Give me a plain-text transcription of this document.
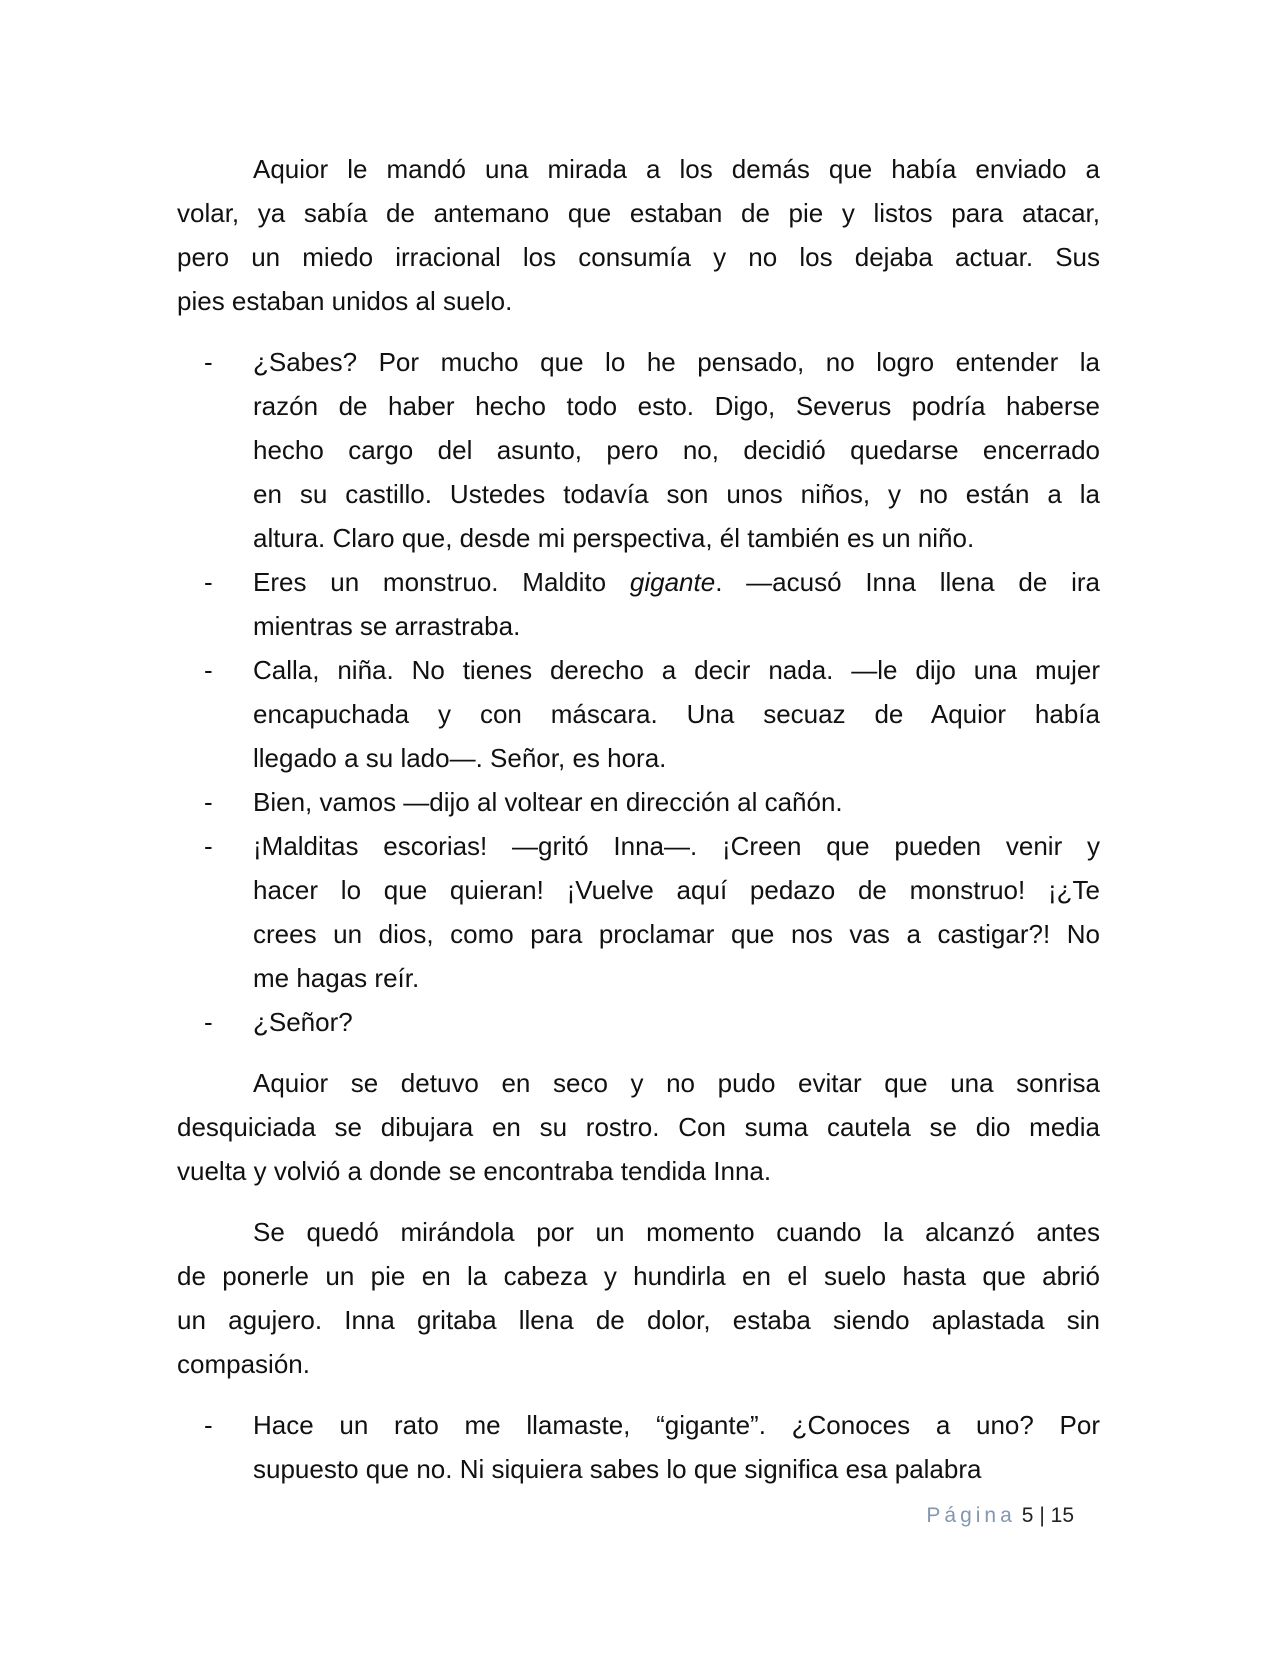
Aquior le mandó una mirada a los demás que había enviado a
volar, ya sabía de antemano que estaban de pie y listos para atacar,
pero un miedo irracional los consumía y no los dejaba actuar. Sus
pies estaban unidos al suelo.
- ¿Sabes? Por mucho que lo he pensado, no logro entender la
razón de haber hecho todo esto. Digo, Severus podría haberse
hecho cargo del asunto, pero no, decidió quedarse encerrado
en su castillo. Ustedes todavía son unos niños, y no están a la
altura. Claro que, desde mi perspectiva, él también es un niño.
- Eres un monstruo. Maldito gigante. —acusó Inna llena de ira
mientras se arrastraba.
- Calla, niña. No tienes derecho a decir nada. —le dijo una mujer
encapuchada y con máscara. Una secuaz de Aquior había
llegado a su lado—. Señor, es hora.
- Bien, vamos —dijo al voltear en dirección al cañón.
- ¡Malditas escorias! —gritó Inna—. ¡Creen que pueden venir y
hacer lo que quieran! ¡Vuelve aquí pedazo de monstruo! ¡¿Te
crees un dios, como para proclamar que nos vas a castigar?! No
me hagas reír.
- ¿Señor?
Aquior se detuvo en seco y no pudo evitar que una sonrisa
desquiciada se dibujara en su rostro. Con suma cautela se dio media
vuelta y volvió a donde se encontraba tendida Inna.
Se quedó mirándola por un momento cuando la alcanzó antes
de ponerle un pie en la cabeza y hundirla en el suelo hasta que abrió
un agujero. Inna gritaba llena de dolor, estaba siendo aplastada sin
compasión.
- Hace un rato me llamaste, “gigante”. ¿Conoces a uno? Por
supuesto que no. Ni siquiera sabes lo que significa esa palabra
Página 5 | 15
